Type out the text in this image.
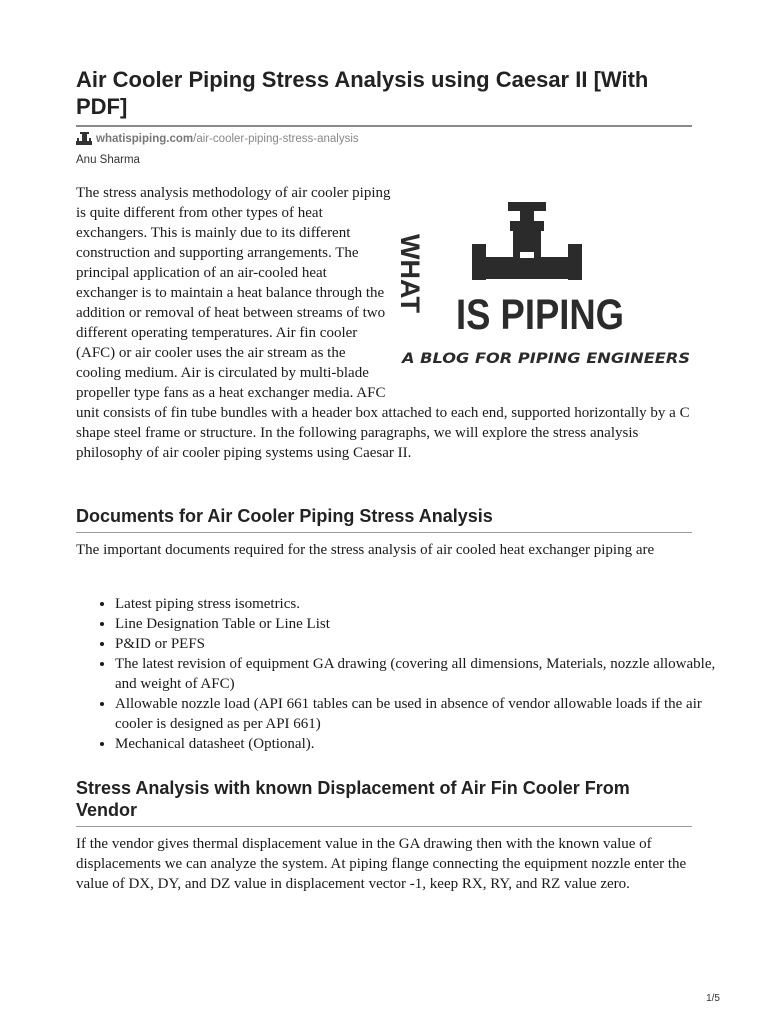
Air Cooler Piping Stress Analysis using Caesar II [With PDF]
whatispiping.com /air-cooler-piping-stress-analysis
Anu Sharma
WHAT
IS PIPING
A BLOG FOR PIPING ENGINEERS

The stress analysis methodology of air cooler piping is quite different from other types of heat exchangers. This is mainly due to its different construction and supporting arrangements. The principal application of an air-cooled heat exchanger is to maintain a heat balance through the addition or removal of heat between streams of two different operating temperatures. Air fin cooler (AFC) or air cooler uses the air stream as the cooling medium. Air is circulated by multi-blade propeller type fans as a heat exchanger media. AFC unit consists of fin tube bundles with a header box attached to each end, supported horizontally by a C shape steel frame or structure. In the following paragraphs, we will explore the stress analysis philosophy of air cooler piping systems using Caesar II.

Documents for Air Cooler Piping Stress Analysis

The important documents required for the stress analysis of air cooled heat exchanger piping are

• Latest piping stress isometrics.
• Line Designation Table or Line List
• P&ID or PEFS
• The latest revision of equipment GA drawing (covering all dimensions, Materials, nozzle allowable, and weight of AFC)
• Allowable nozzle load (API 661 tables can be used in absence of vendor allowable loads if the air cooler is designed as per API 661)
• Mechanical datasheet (Optional).
Stress Analysis with known Displacement of Air Fin Cooler From Vendor

If the vendor gives thermal displacement value in the GA drawing then with the known value of displacements we can analyze the system. At piping flange connecting the equipment nozzle enter the value of DX, DY, and DZ value in displacement vector -1, keep RX, RY, and RZ value zero.

1/5
